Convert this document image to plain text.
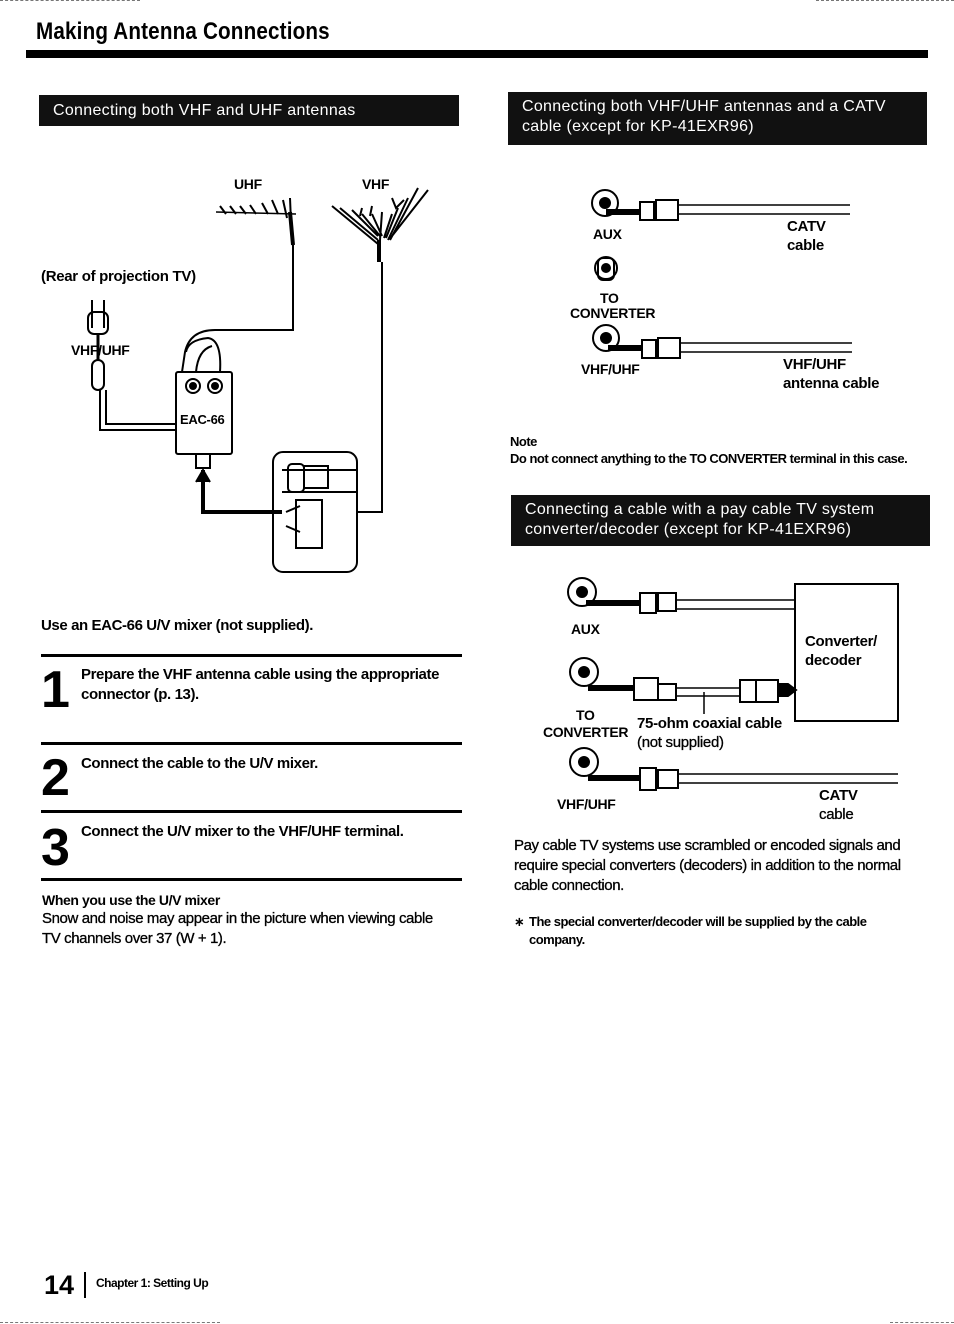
Making Antenna Connections
Connecting both VHF and UHF antennas	Connecting both VHF/UHF antennas and a CATV cable (except for KP-41EXR96)
Connecting a cable with a pay cable TV system converter/decoder (except for KP-41EXR96)
UHF	VHF
(Rear of projection TV)
VHF/UHF
EAC-66
Use an EAC-66 U/V mixer (not supplied).
1 Prepare the VHF antenna cable using the appropriate connector (p. 13).
2 Connect the cable to the U/V mixer.
3 Connect the U/V mixer to the VHF/UHF terminal.
When you use the U/V mixer
Snow and noise may appear in the picture when viewing cable TV channels over 37 (W + 1).
AUX	CATV
cable
TO
CONVERTER
VHF/UHF	VHF/UHF
antenna cable
Note
Do not connect anything to the TO CONVERTER terminal in this case.
AUX
Converter/
decoder
TO
CONVERTER 75-ohm coaxial cable
(not supplied)
VHF/UHF	CATV
cable
Pay cable TV systems use scrambled or encoded signals and require special converters (decoders) in addition to the normal cable connection.
∗ The special converter/decoder will be supplied by the cable company.
14 Chapter 1: Setting Up
